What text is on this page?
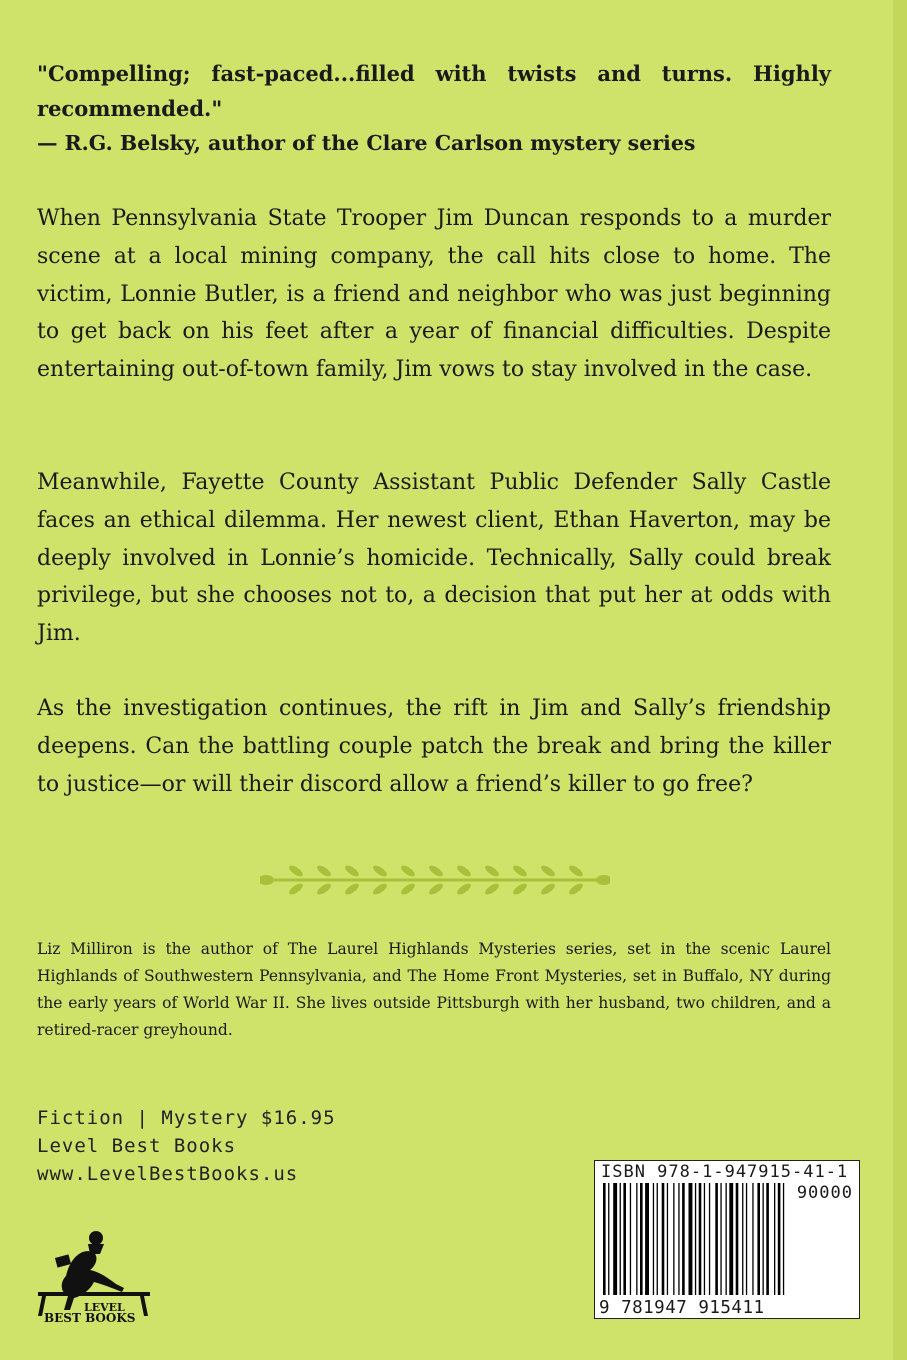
"Compelling; fast-paced...filled with twists and turns. Highly recommended."
— R.G. Belsky, author of the Clare Carlson mystery series

When Pennsylvania State Trooper Jim Duncan responds to a murder scene at a local mining company, the call hits close to home. The victim, Lonnie Butler, is a friend and neighbor who was just beginning to get back on his feet after a year of financial difficulties. Despite entertaining out-of-town family, Jim vows to stay involved in the case.

Meanwhile, Fayette County Assistant Public Defender Sally Castle faces an ethical dilemma. Her newest client, Ethan Haverton, may be deeply involved in Lonnie’s homicide. Technically, Sally could break privilege, but she chooses not to, a decision that put her at odds with Jim.

As the investigation continues, the rift in Jim and Sally’s friendship deepens. Can the battling couple patch the break and bring the killer to justice—or will their discord allow a friend’s killer to go free?

Liz Milliron is the author of The Laurel Highlands Mysteries series, set in the scenic Laurel Highlands of Southwestern Pennsylvania, and The Home Front Mysteries, set in Buffalo, NY during the early years of World War II. She lives outside Pittsburgh with her husband, two children, and a retired-racer greyhound.

Fiction | Mystery $16.95
Level Best Books
www.LevelBestBooks.us
LEVEL
BEST BOOKS
ISBN 978-1-947915-41-1
90000
9 781947 915411
